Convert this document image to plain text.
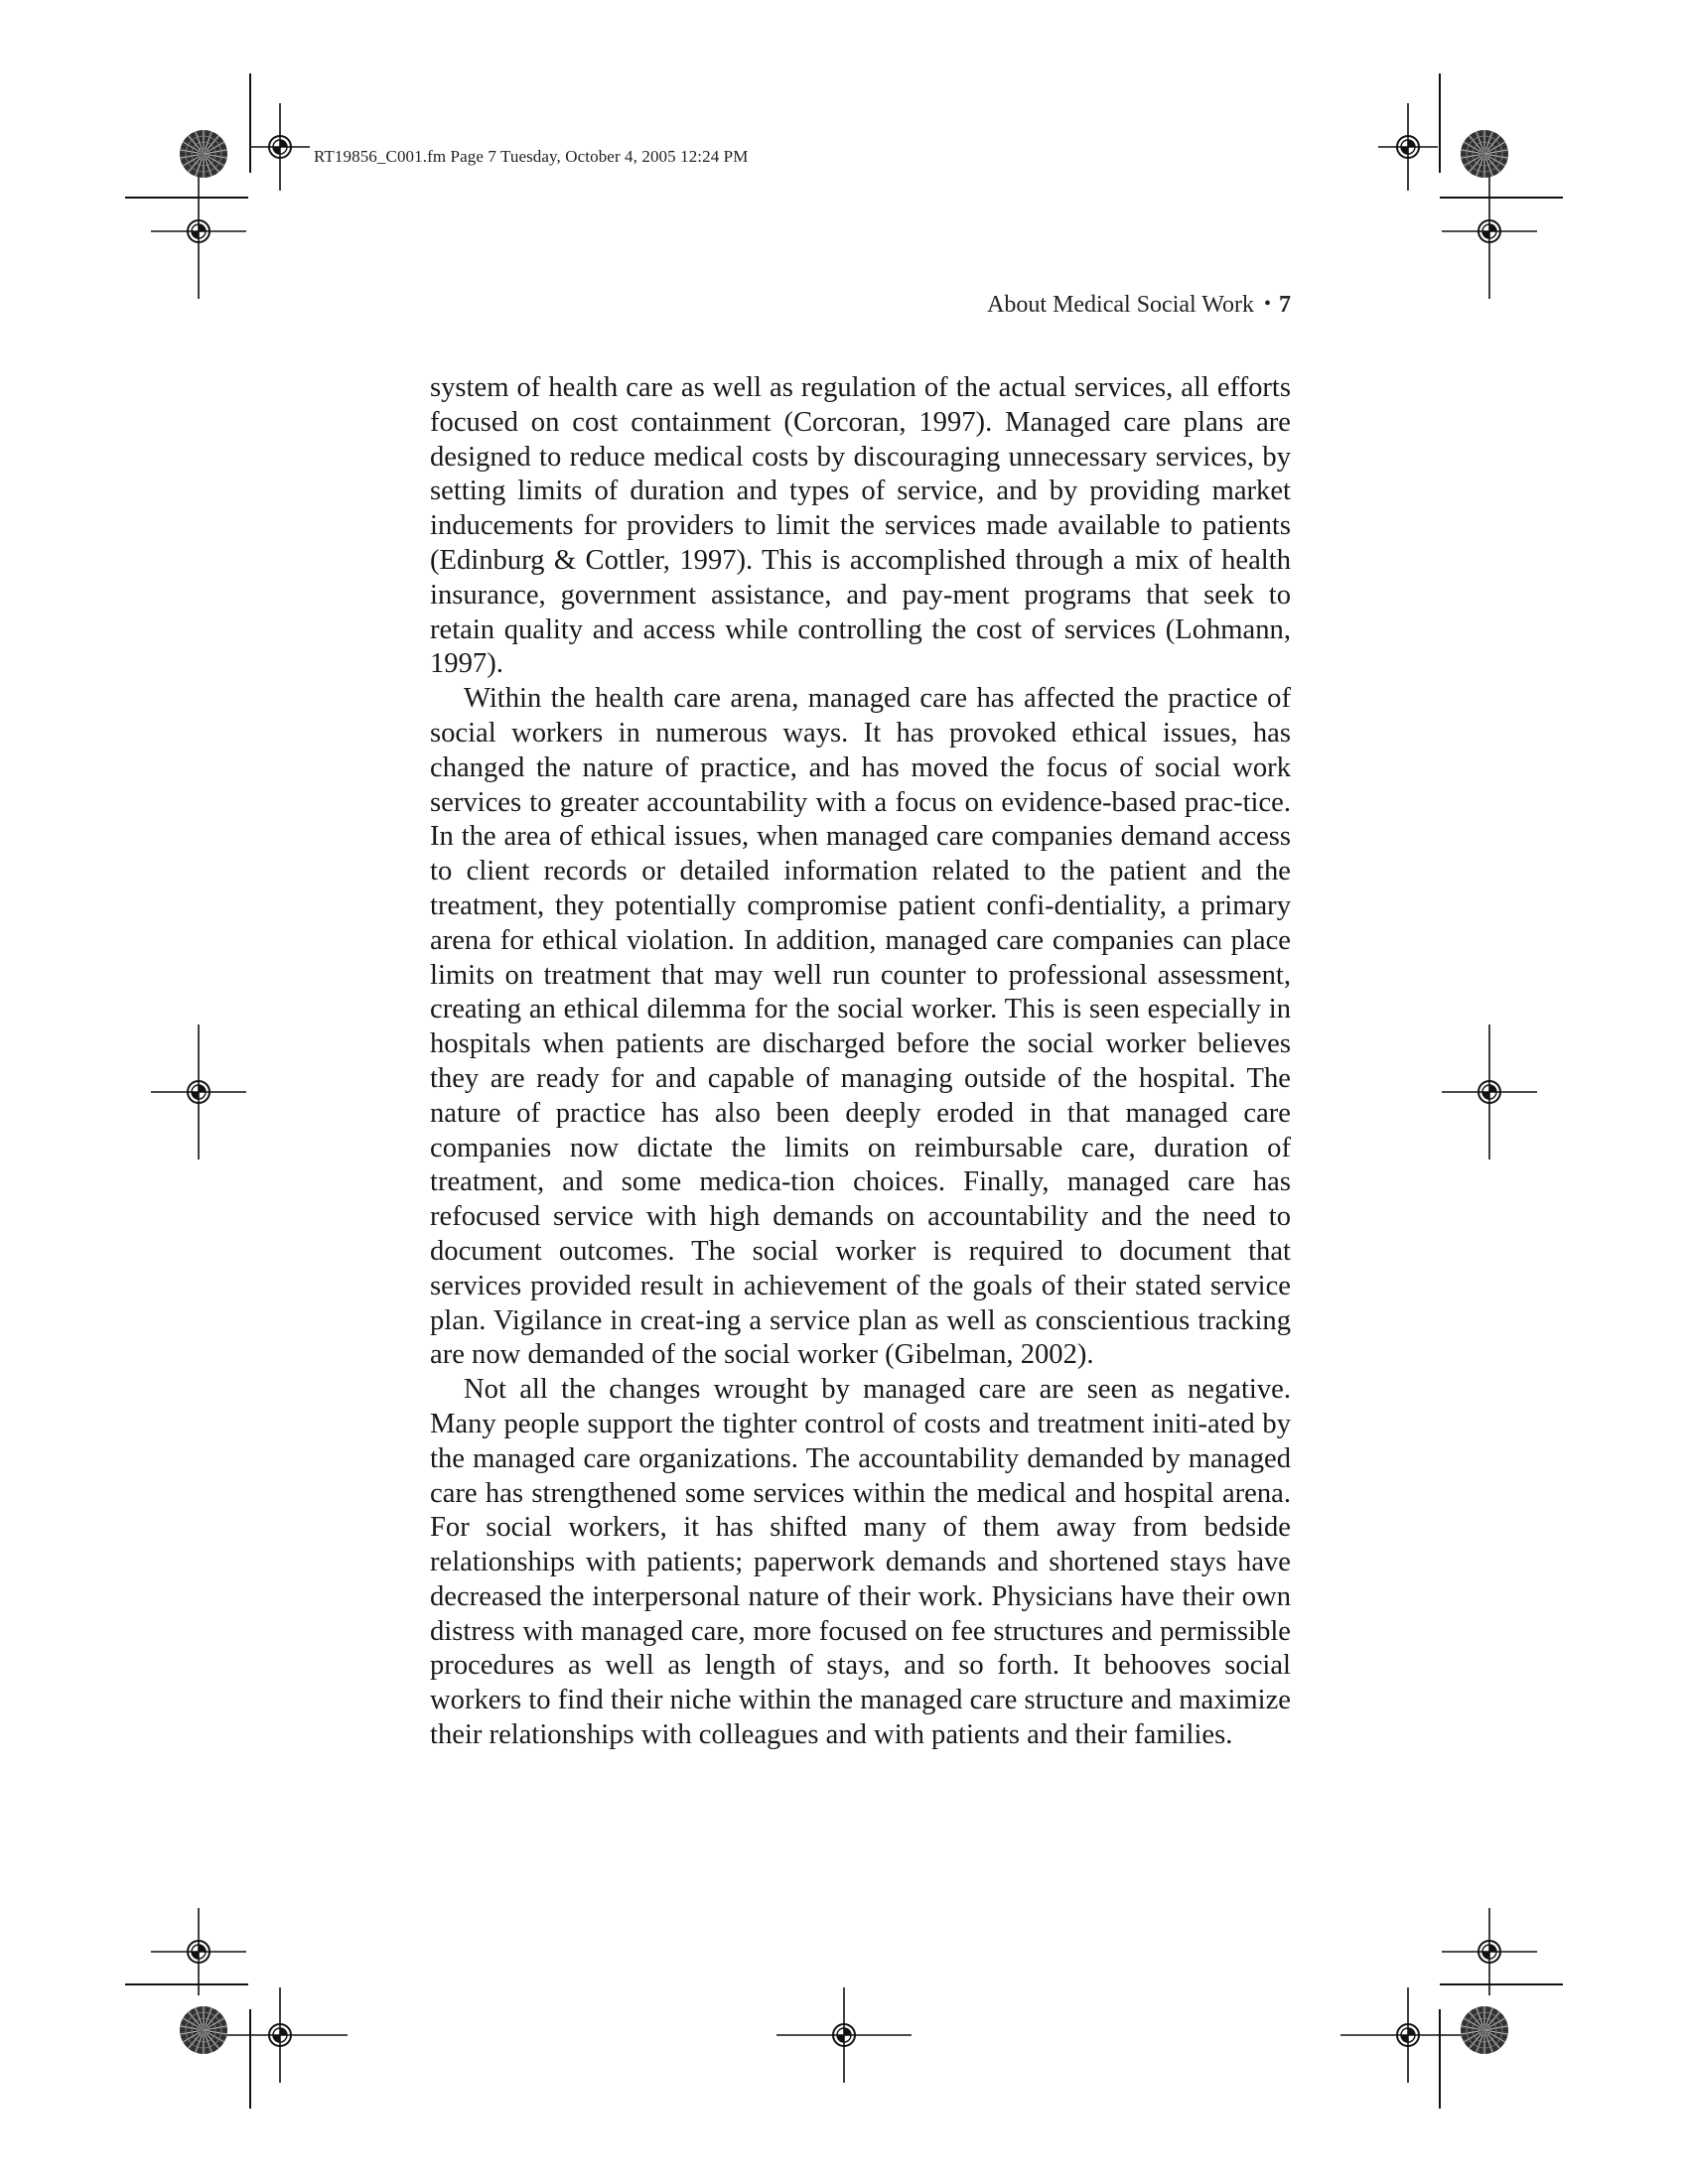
RT19856_C001.fm Page 7 Tuesday, October 4, 2005 12:24 PM
About Medical Social Work • 7

system of health care as well as regulation of the actual services, all efforts focused on cost containment (Corcoran, 1997). Managed care plans are designed to reduce medical costs by discouraging unnecessary services, by setting limits of duration and types of service, and by providing market inducements for providers to limit the services made available to patients (Edinburg & Cottler, 1997). This is accomplished through a mix of health insurance, government assistance, and pay-ment programs that seek to retain quality and access while controlling the cost of services (Lohmann, 1997).

Within the health care arena, managed care has affected the practice of social workers in numerous ways. It has provoked ethical issues, has changed the nature of practice, and has moved the focus of social work services to greater accountability with a focus on evidence-based prac-tice. In the area of ethical issues, when managed care companies demand access to client records or detailed information related to the patient and the treatment, they potentially compromise patient confi-dentiality, a primary arena for ethical violation. In addition, managed care companies can place limits on treatment that may well run counter to professional assessment, creating an ethical dilemma for the social worker. This is seen especially in hospitals when patients are discharged before the social worker believes they are ready for and capable of managing outside of the hospital. The nature of practice has also been deeply eroded in that managed care companies now dictate the limits on reimbursable care, duration of treatment, and some medica-tion choices. Finally, managed care has refocused service with high demands on accountability and the need to document outcomes. The social worker is required to document that services provided result in achievement of the goals of their stated service plan. Vigilance in creat-ing a service plan as well as conscientious tracking are now demanded of the social worker (Gibelman, 2002).

Not all the changes wrought by managed care are seen as negative. Many people support the tighter control of costs and treatment initi-ated by the managed care organizations. The accountability demanded by managed care has strengthened some services within the medical and hospital arena. For social workers, it has shifted many of them away from bedside relationships with patients; paperwork demands and shortened stays have decreased the interpersonal nature of their work. Physicians have their own distress with managed care, more focused on fee structures and permissible procedures as well as length of stays, and so forth. It behooves social workers to find their niche within the managed care structure and maximize their relationships with colleagues and with patients and their families.
